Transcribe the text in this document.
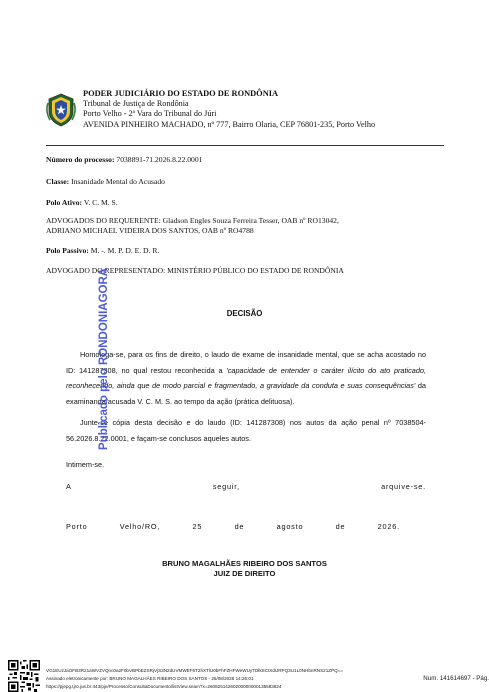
PODER JUDICIÁRIO DO ESTADO DE RONDÔNIA
Tribunal de Justiça de Rondônia
Porto Velho - 2ª Vara do Tribunal do Júri
AVENIDA PINHEIRO MACHADO, nº 777, Bairro Olaria, CEP 76801-235, Porto Velho
Número do processo: 7038891-71.2026.8.22.0001
Classe: Insanidade Mental do Acusado
Polo Ativo: V. C. M. S.
ADVOGADOS DO REQUERENTE: Gladson Engles Souza Ferreira Tesser, OAB nº RO13042,
ADRIANO MICHAEL VIDEIRA DOS SANTOS, OAB nº RO4788
Polo Passivo: M. -. M. P. D. E. D. R.
ADVOGADO DO REPRESENTADO: MINISTÉRIO PÚBLICO DO ESTADO DE RONDÔNIA
DECISÃO
Homologa-se, para os fins de direito, o laudo de exame de insanidade mental, que se acha acostado no ID: 141287308, no qual restou reconhecida a 'capacidade de entender o caráter ilícito do ato praticado, reconhecendo, ainda que de modo parcial e fragmentado, a gravidade da conduta e suas consequências' da examinanda/acusada V. C. M. S. ao tempo da ação (prática delituosa).
Junte-se cópia desta decisão e do laudo (ID: 141287308) nos autos da ação penal nº 7038504-56.2026.8.22.0001, e façam-se conclusos aqueles autos.
Intimem-se.
A	seguir,	arquive-se.
Porto	Velho/RO,	25	de	agosto	de	2026.
BRUNO MAGALHÃES RIBEIRO DOS SANTOS
JUIZ DE DIREITO
Publicado pelo RONDONIAGORA
VG1EUzJaOFB3R21aWVZVQnc0a2F0bVBPbEZSRjVjS3N2dUVMWEF6T2hXTlU0bFhFZHFWeWUyTDlkSCtXdURPQ3U1L0NHbnRNS21ZPQ==
Assinado eletronicamente por: BRUNO MAGALHÃES RIBEIRO DOS SANTOS - 25/08/2026 14:26:01
https://pjepg.tjro.jus.br:443/pje/Processo/ConsultaDocumento/listView.seam?x=26082514260200000000135583824
Num. 141614697 - Pág.
